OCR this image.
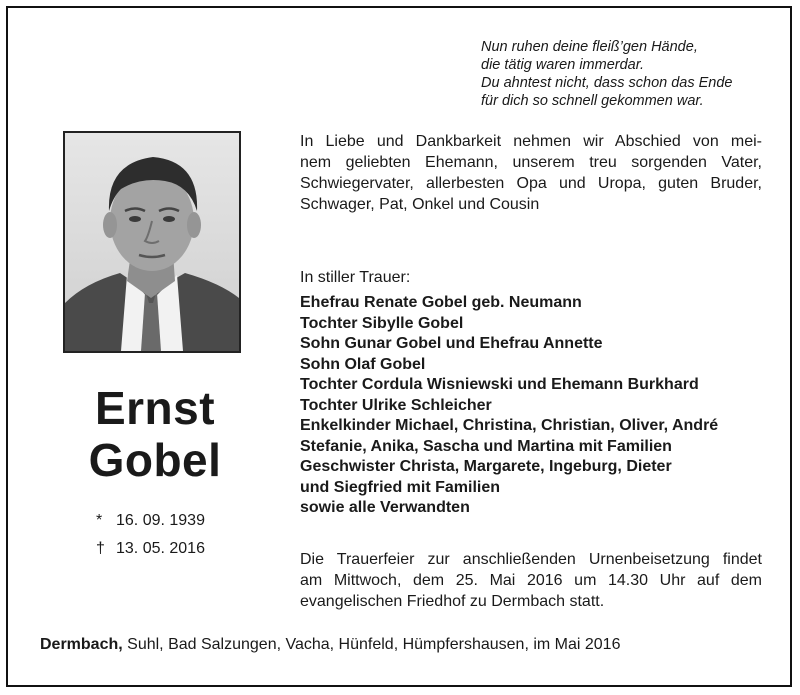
Nun ruhen deine fleiß’gen Hände,
die tätig waren immerdar.
Du ahntest nicht, dass schon das Ende
für dich so schnell gekommen war.
In Liebe und Dankbarkeit nehmen wir Abschied von mei-
nem geliebten Ehemann, unserem treu sorgenden Vater,
Schwiegervater, allerbesten Opa und Uropa, guten Bruder,
Schwager, Pat, Onkel und Cousin
In stiller Trauer:
Ehefrau Renate Gobel geb. Neumann
Tochter Sibylle Gobel
Sohn Gunar Gobel und Ehefrau Annette
Sohn Olaf Gobel
Tochter Cordula Wisniewski und Ehemann Burkhard
Tochter Ulrike Schleicher
Enkelkinder Michael, Christina, Christian, Oliver, André
Stefanie, Anika, Sascha und Martina mit Familien
Geschwister Christa, Margarete, Ingeburg, Dieter
und Siegfried mit Familien
sowie alle Verwandten
Ernst
Gobel
* 16. 09. 1939
† 13. 05. 2016
Die Trauerfeier zur anschließenden Urnenbeisetzung findet
am Mittwoch, dem 25. Mai 2016 um 14.30 Uhr auf dem
evangelischen Friedhof zu Dermbach statt.
Dermbach, Suhl, Bad Salzungen, Vacha, Hünfeld, Hümpfershausen, im Mai 2016
